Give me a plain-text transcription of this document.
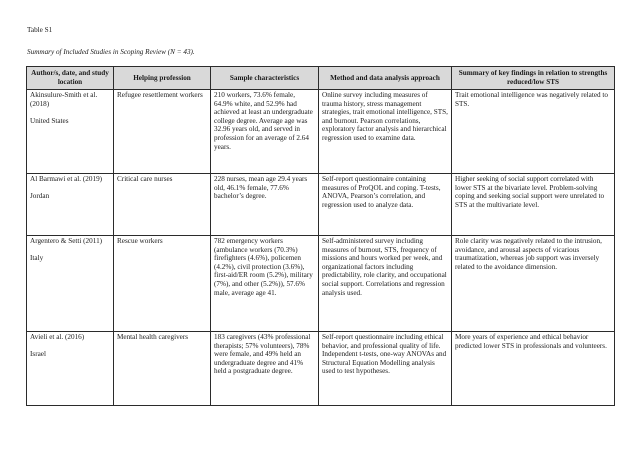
Table S1
Summary of Included Studies in Scoping Review (N = 43).
Author/s, date, and study location	Helping profession	Sample characteristics	Method and data analysis approach	Summary of key findings in relation to strengths reduced/low STS

Akinsulure-Smith et al. (2018)
United States	Refugee resettlement workers	210 workers, 73.6% female, 64.9% white, and 52.9% had achieved at least an undergraduate college degree. Average age was 32.96 years old, and served in profession for an average of 2.64 years.	Online survey including measures of trauma history, stress management strategies, trait emotional intelligence, STS, and burnout. Pearson correlations, exploratory factor analysis and hierarchical regression used to examine data.	Trait emotional intelligence was negatively related to STS.

Al Barmawi et al. (2019)
Jordan	Critical care nurses	228 nurses, mean age 29.4 years old, 46.1% female, 77.6% bachelor’s degree.	Self-report questionnaire containing measures of ProQOL and coping. T-tests, ANOVA, Pearson’s correlation, and regression used to analyze data.	Higher seeking of social support correlated with lower STS at the bivariate level. Problem-solving coping and seeking social support were unrelated to STS at the multivariate level.

Argentero & Setti (2011)
Italy	Rescue workers	782 emergency workers (ambulance workers (70.3%) firefighters (4.6%), policemen (4.2%), civil protection (3.6%), first-aid/ER room (5.2%), military (7%), and other (5.2%)), 57.6% male, average age 41.	Self-administered survey including measures of burnout, STS, frequency of missions and hours worked per week, and organizational factors including predictability, role clarity, and occupational social support. Correlations and regression analysis used.	Role clarity was negatively related to the intrusion, avoidance, and arousal aspects of vicarious traumatization, whereas job support was inversely related to the avoidance dimension.

Avieli et al. (2016)
Israel	Mental health caregivers	183 caregivers (43% professional therapists; 57% volunteers), 78% were female, and 49% held an undergraduate degree and 41% held a postgraduate degree.	Self-report questionnaire including ethical behavior, and professional quality of life. Independent t-tests, one-way ANOVAs and Structural Equation Modelling analysis used to test hypotheses.	More years of experience and ethical behavior predicted lower STS in professionals and volunteers.
